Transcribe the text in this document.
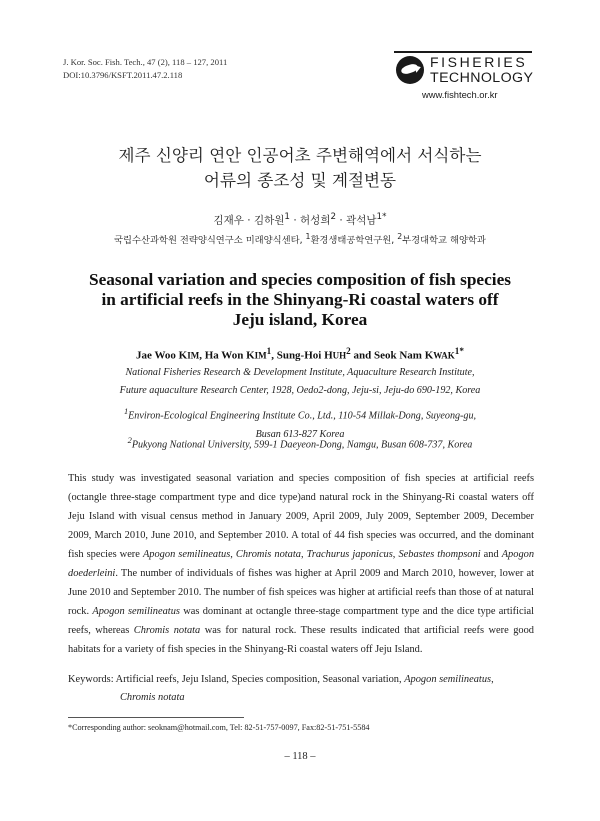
J. Kor. Soc. Fish. Tech., 47 (2), 118 – 127, 2011
DOI:10.3796/KSFT.2011.47.2.118
FISHERIES
TECHNOLOGY
www.fishtech.or.kr
제주 신양리 연안 인공어초 주변해역에서 서식하는
어류의 종조성 및 계절변동
김재우 · 김하원$^1$ · 허성희$^2$ · 곽석남$^{1*}$
국립수산과학원 전략양식연구소 미래양식센타, $^1$환경생태공학연구원, $^2$부경대학교 해양학과
Seasonal variation and species composition of fish species
in artificial reefs in the Shinyang-Ri coastal waters off
Jeju island, Korea
Jae Woo KIM, Ha Won KIM$^1$, Sung-Hoi HUH$^2$ and Seok Nam $KWAK^{1*}$
National Fisheries Research & Development Institute, Aquaculture Research Institute,
Future aquaculture Research Center, 1928, Oedo2-dong, Jeju-si, Jeju-do 690-192, Korea
$^1$Environ-Ecological Engineering Institute Co., Ltd., 110-54 Millak-Dong, Suyeong-gu,
Busan 613-827 Korea
$^2$Pukyong National University, 599-1 Daeyeon-Dong, Namgu, Busan 608-737, Korea
This study was investigated seasonal variation and species composition of fish species at artificial reefs (octangle three-stage compartment type and dice type)and natural rock in the Shinyang-Ri coastal waters off Jeju Island with visual census method in January 2009, April 2009, July 2009, September 2009, December 2009, March 2010, June 2010, and September 2010. A total of 44 fish species was occurred, and the dominant fish species were Apogon semilineatus, Chromis notata, Trachurus japonicus, Sebastes thompsoni and Apogon doederleini. The number of individuals of fishes was higher at April 2009 and March 2010, however, lower at June 2010 and September 2010. The number of fish speices was higher at artificial reefs than those of at natural rock. Apogon semilineatus was dominant at octangle three-stage compartment type and the dice type artificial reefs, whereas Chromis notata was for natural rock. These results indicated that artificial reefs were good habitats for a variety of fish species in the Shinyang-Ri coastal waters off Jeju Island.
Keywords: Artificial reefs, Jeju Island, Species composition, Seasonal variation, Apogon semilineatus,
Chromis notata
*Corresponding author: seoknam@hotmail.com, Tel: 82-51-757-0097, Fax:82-51-751-5584
– 118 –
